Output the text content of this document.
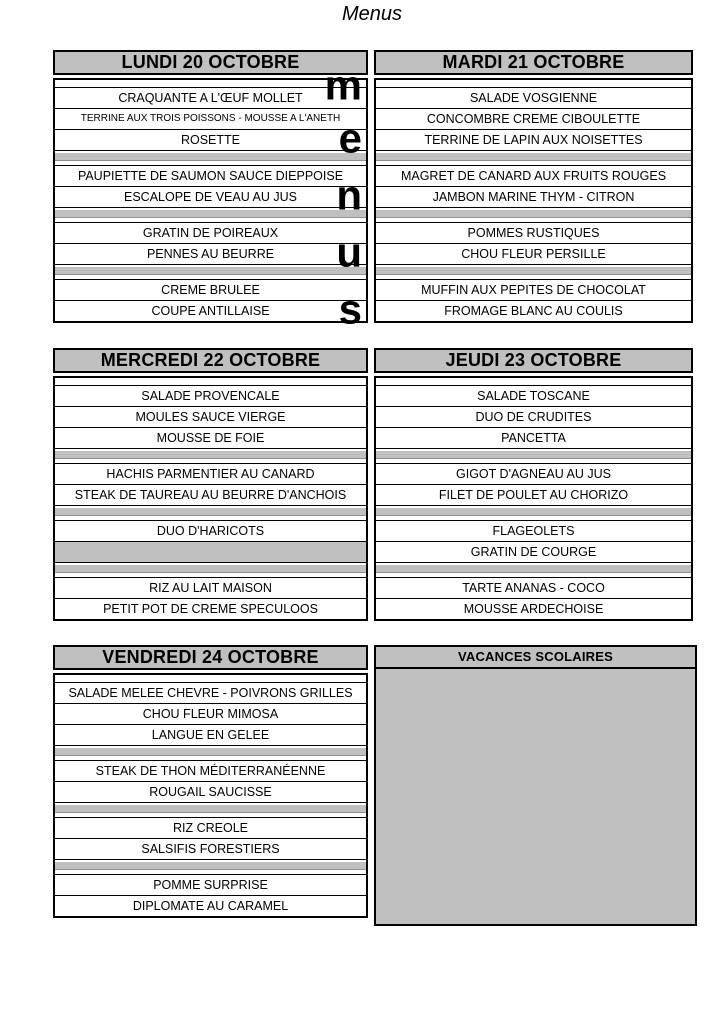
Menus
LUNDI 20 OCTOBRE
CRAQUANTE A L'ŒUF MOLLET m
TERRINE AUX TROIS POISSONS - MOUSSE A L'ANETH
ROSETTE e
PAUPIETTE DE SAUMON SAUCE DIEPPOISE
ESCALOPE DE VEAU AU JUS n
GRATIN DE POIREAUX
PENNES AU BEURRE u
CREME BRULEE
COUPE ANTILLAISE s
MARDI 21 OCTOBRE
SALADE VOSGIENNE
CONCOMBRE CREME CIBOULETTE
TERRINE DE LAPIN AUX NOISETTES
MAGRET DE CANARD AUX FRUITS ROUGES
JAMBON MARINE THYM - CITRON
POMMES RUSTIQUES
CHOU FLEUR PERSILLE
MUFFIN AUX PEPITES DE CHOCOLAT
FROMAGE BLANC AU COULIS
MERCREDI 22 OCTOBRE
SALADE PROVENCALE
MOULES SAUCE VIERGE
MOUSSE DE FOIE
HACHIS PARMENTIER AU CANARD
STEAK DE TAUREAU AU BEURRE D'ANCHOIS
DUO D'HARICOTS
RIZ AU LAIT MAISON
PETIT POT DE CREME SPECULOOS
JEUDI 23 OCTOBRE
SALADE TOSCANE
DUO DE CRUDITES
PANCETTA
GIGOT D'AGNEAU AU JUS
FILET DE POULET AU CHORIZO
FLAGEOLETS
GRATIN DE COURGE
TARTE ANANAS - COCO
MOUSSE ARDECHOISE
VENDREDI 24 OCTOBRE
SALADE MELEE CHEVRE - POIVRONS GRILLES
CHOU FLEUR MIMOSA
LANGUE EN GELEE
STEAK DE THON MÉDITERRANÉENNE
ROUGAIL SAUCISSE
RIZ CREOLE
SALSIFIS FORESTIERS
POMME SURPRISE
DIPLOMATE AU CARAMEL
VACANCES SCOLAIRES
